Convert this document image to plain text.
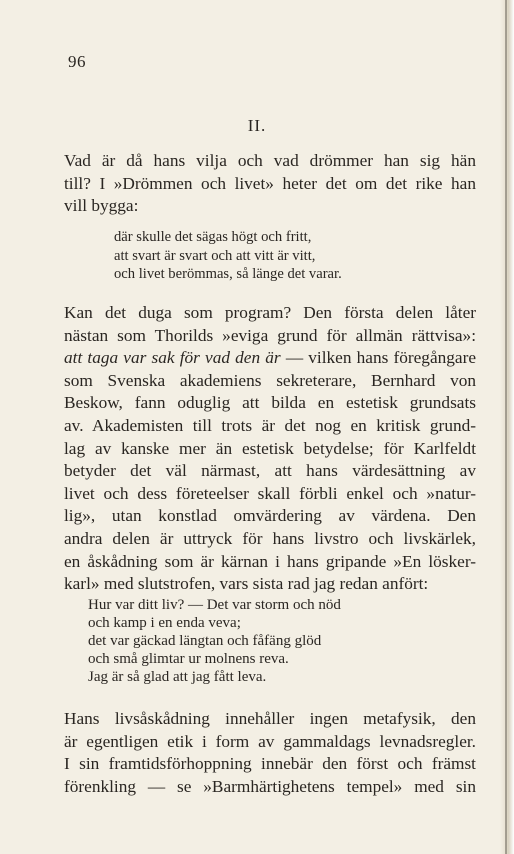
96
II.
Vad är då hans vilja och vad drömmer han sig hän
till? I »Drömmen och livet» heter det om det rike han
vill bygga:
där skulle det sägas högt och fritt,
att svart är svart och att vitt är vitt,
och livet berömmas, så länge det varar.
Kan det duga som program? Den första delen låter
nästan som Thorilds »eviga grund för allmän rättvisa»:
att taga var sak för vad den är — vilken hans föregångare
som Svenska akademiens sekreterare, Bernhard von
Beskow, fann oduglig att bilda en estetisk grundsats
av. Akademisten till trots är det nog en kritisk grund-
lag av kanske mer än estetisk betydelse; för Karlfeldt
betyder det väl närmast, att hans värdesättning av
livet och dess företeelser skall förbli enkel och »natur-
lig», utan konstlad omvärdering av värdena. Den
andra delen är uttryck för hans livstro och livskärlek,
en åskådning som är kärnan i hans gripande »En lösker-
karl» med slutstrofen, vars sista rad jag redan anfört:
Hur var ditt liv? — Det var storm och nöd
och kamp i en enda veva;
det var gäckad längtan och fåfäng glöd
och små glimtar ur molnens reva.
Jag är så glad att jag fått leva.
Hans livsåskådning innehåller ingen metafysik, den
är egentligen etik i form av gammaldags levnadsregler.
I sin framtidsförhoppning innebär den först och främst
förenkling — se »Barmhärtighetens tempel» med sin
